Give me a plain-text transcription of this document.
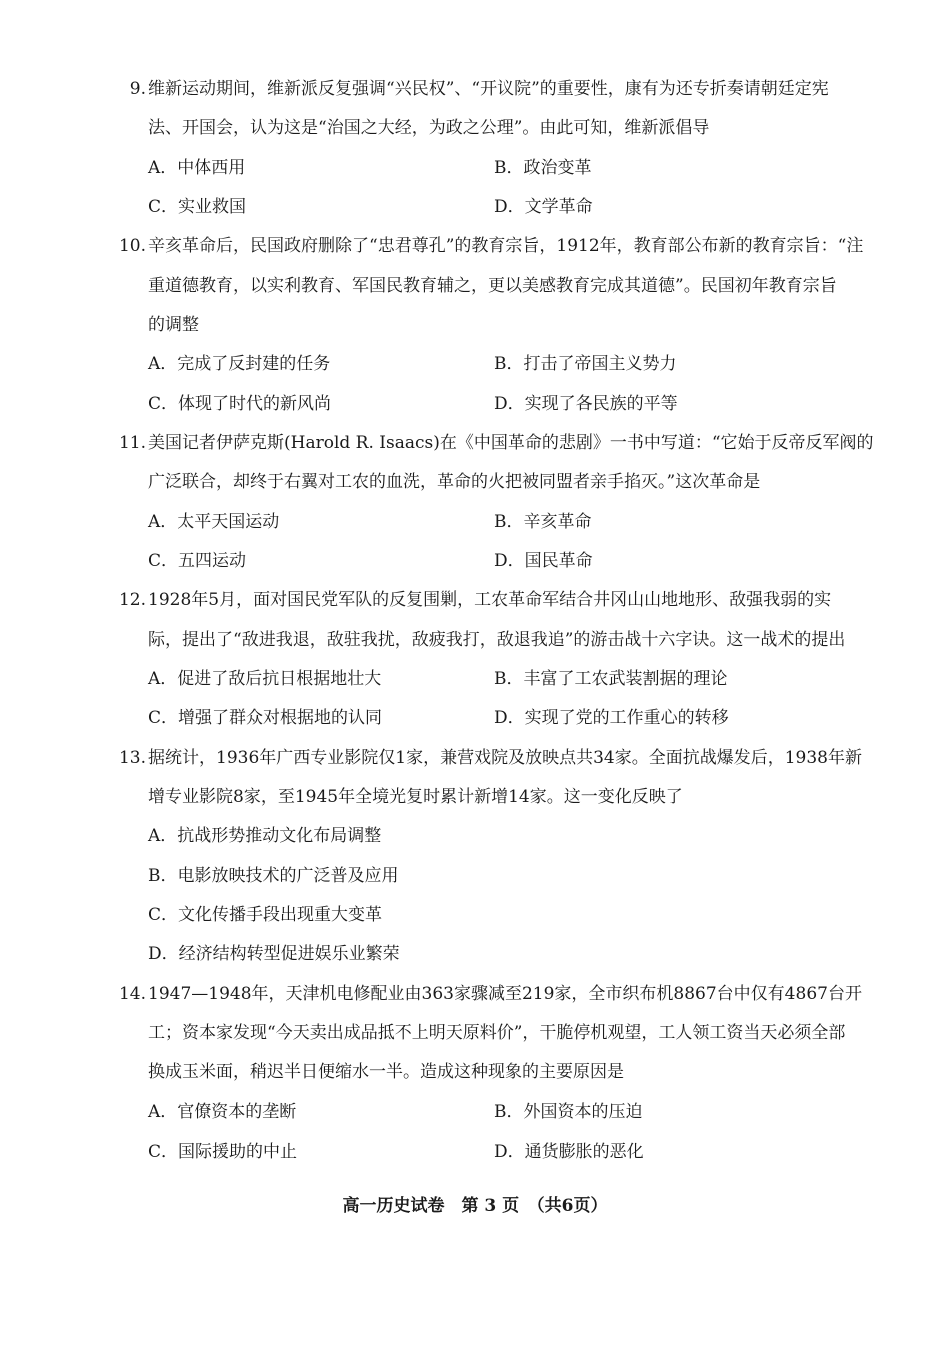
9. 维新运动期间，维新派反复强调“兴民权”、“开议院”的重要性，康有为还专折奏请朝廷定宪
法、开国会，认为这是“治国之大经，为政之公理”。由此可知，维新派倡导
A．中体西用	B．政治变革
C．实业救国	D．文学革命
10. 辛亥革命后，民国政府删除了“忠君尊孔”的教育宗旨，1912年，教育部公布新的教育宗旨：“注
重道德教育，以实利教育、军国民教育辅之，更以美感教育完成其道德”。民国初年教育宗旨
的调整
A．完成了反封建的任务	B．打击了帝国主义势力
C．体现了时代的新风尚	D．实现了各民族的平等
11. 美国记者伊萨克斯(Harold R. Isaacs)在《中国革命的悲剧》一书中写道：“它始于反帝反军阀的
广泛联合，却终于右翼对工农的血洗，革命的火把被同盟者亲手掐灭。”这次革命是
A．太平天国运动	B．辛亥革命
C．五四运动	D．国民革命
12. 1928年5月，面对国民党军队的反复围剿，工农革命军结合井冈山山地地形、敌强我弱的实
际，提出了“敌进我退，敌驻我扰，敌疲我打，敌退我追”的游击战十六字诀。这一战术的提出
A．促进了敌后抗日根据地壮大	B．丰富了工农武装割据的理论
C．增强了群众对根据地的认同	D．实现了党的工作重心的转移
13. 据统计，1936年广西专业影院仅1家，兼营戏院及放映点共34家。全面抗战爆发后，1938年新
增专业影院8家，至1945年全境光复时累计新增14家。这一变化反映了
A．抗战形势推动文化布局调整
B．电影放映技术的广泛普及应用
C．文化传播手段出现重大变革
D．经济结构转型促进娱乐业繁荣
14. 1947—1948年，天津机电修配业由363家骤减至219家，全市织布机8867台中仅有4867台开
工；资本家发现“今天卖出成品抵不上明天原料价”，干脆停机观望，工人领工资当天必须全部
换成玉米面，稍迟半日便缩水一半。造成这种现象的主要原因是
A．官僚资本的垄断	B．外国资本的压迫
C．国际援助的中止	D．通货膨胀的恶化
高一历史试卷　第 3 页　（共6页）
